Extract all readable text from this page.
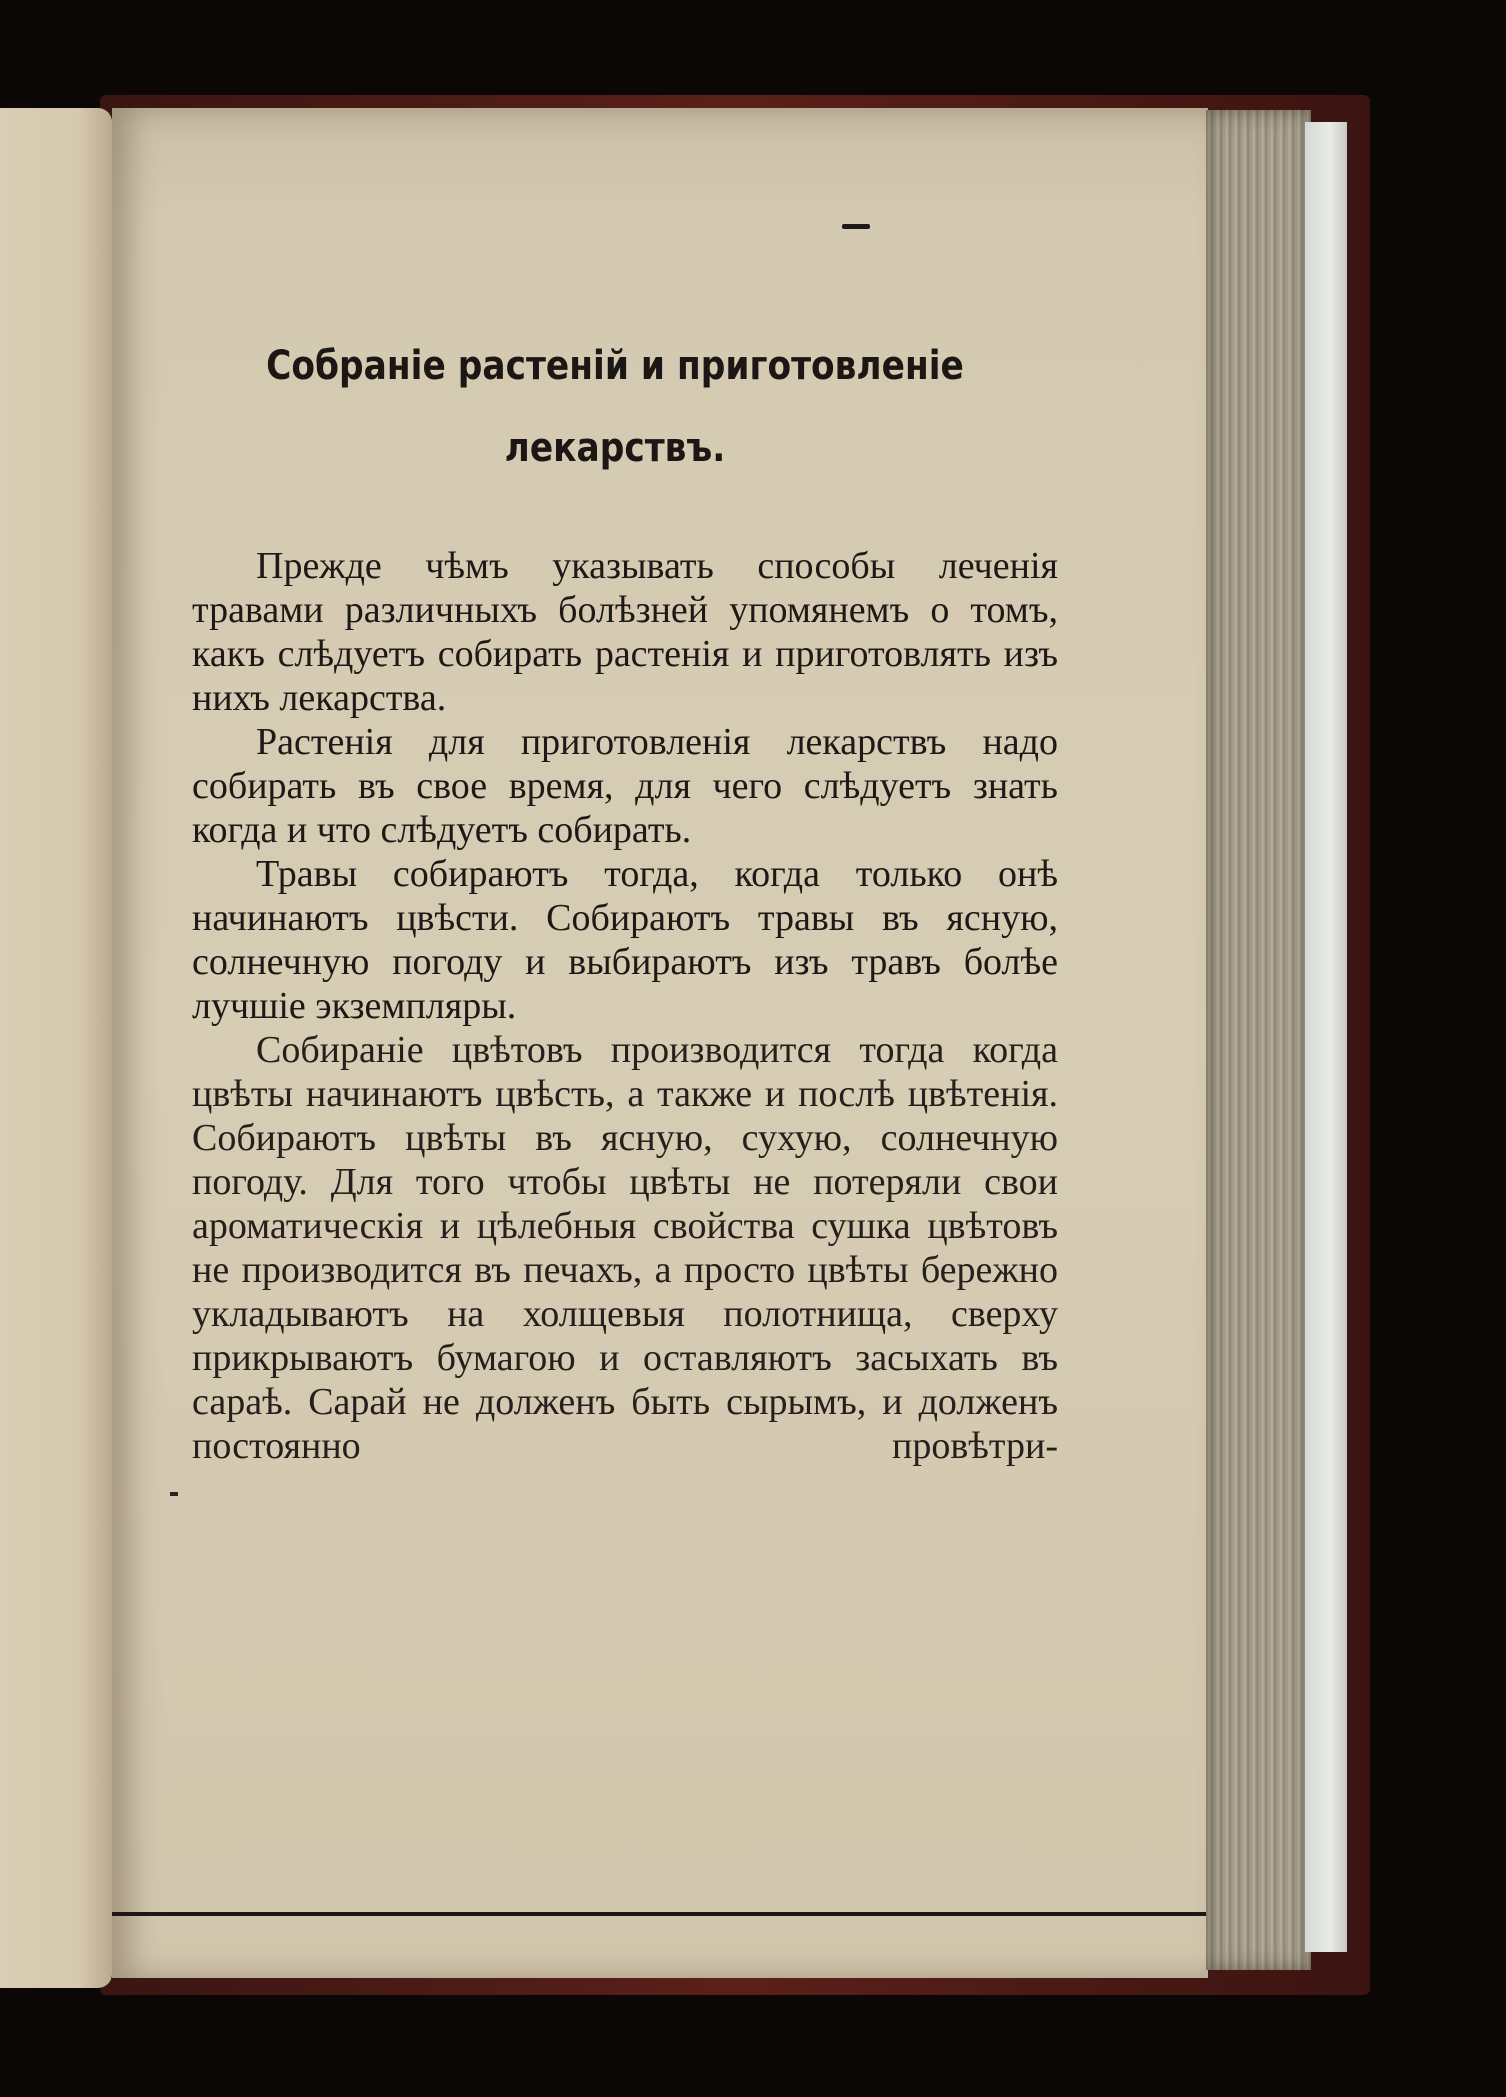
Собраніе растеній и приготовленіе
лекарствъ.

Прежде чѣмъ указывать способы леченія травами различныхъ болѣзней упомянемъ о томъ, какъ слѣдуетъ собирать растенія и приготовлять изъ нихъ лекарства.

Растенія для приготовленія лекарствъ надо собирать въ свое время, для чего слѣдуетъ знать когда и что слѣдуетъ собирать.

Травы собираютъ тогда, когда только онѣ начинаютъ цвѣсти. Собираютъ травы въ ясную, солнечную погоду и выбираютъ изъ травъ болѣе лучшіе экземпляры.

Собираніе цвѣтовъ производится тогда когда цвѣты начинаютъ цвѣсть, а также и послѣ цвѣтенія. Собираютъ цвѣты въ ясную, сухую, солнечную погоду. Для того чтобы цвѣты не потеряли свои ароматическія и цѣлебныя свойства сушка цвѣтовъ не производится въ печахъ, а просто цвѣты бережно укладываютъ на холщевыя полотнища, сверху прикрываютъ бумагою и оставляютъ засыхать въ сараѣ. Сарай не долженъ быть сырымъ, и долженъ постоянно провѣтри-
